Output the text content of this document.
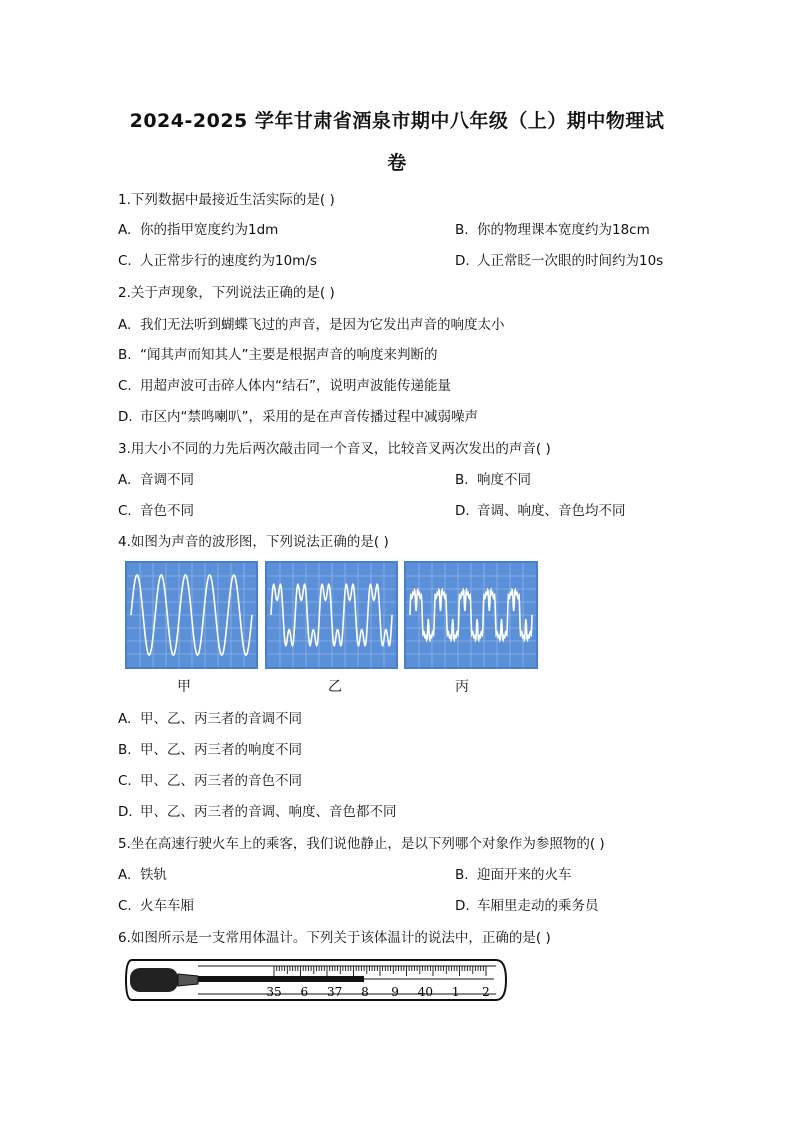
2024-2025 学年甘肃省酒泉市期中八年级（上）期中物理试
卷
1.下列数据中最接近生活实际的是( )
A. 你的指甲宽度约为1dm	B. 你的物理课本宽度约为18cm
C. 人正常步行的速度约为10m/s	D. 人正常眨一次眼的时间约为10s
2.关于声现象，下列说法正确的是( )
A. 我们无法听到蝴蝶飞过的声音，是因为它发出声音的响度太小
B. “闻其声而知其人”主要是根据声音的响度来判断的
C. 用超声波可击碎人体内“结石”，说明声波能传递能量
D. 市区内“禁鸣喇叭”，采用的是在声音传播过程中减弱噪声
3.用大小不同的力先后两次敲击同一个音叉，比较音叉两次发出的声音( )
A. 音调不同	B. 响度不同
C. 音色不同	D. 音调、响度、音色均不同
4.如图为声音的波形图，下列说法正确的是( )
甲	乙	丙
A. 甲、乙、丙三者的音调不同
B. 甲、乙、丙三者的响度不同
C. 甲、乙、丙三者的音色不同
D. 甲、乙、丙三者的音调、响度、音色都不同
5.坐在高速行驶火车上的乘客，我们说他静止，是以下列哪个对象作为参照物的( )
A. 铁轨	B. 迎面开来的火车
C. 火车车厢	D. 车厢里走动的乘务员
6.如图所示是一支常用体温计。下列关于该体温计的说法中，正确的是( )
35 6 37 8 9 40 1 2
